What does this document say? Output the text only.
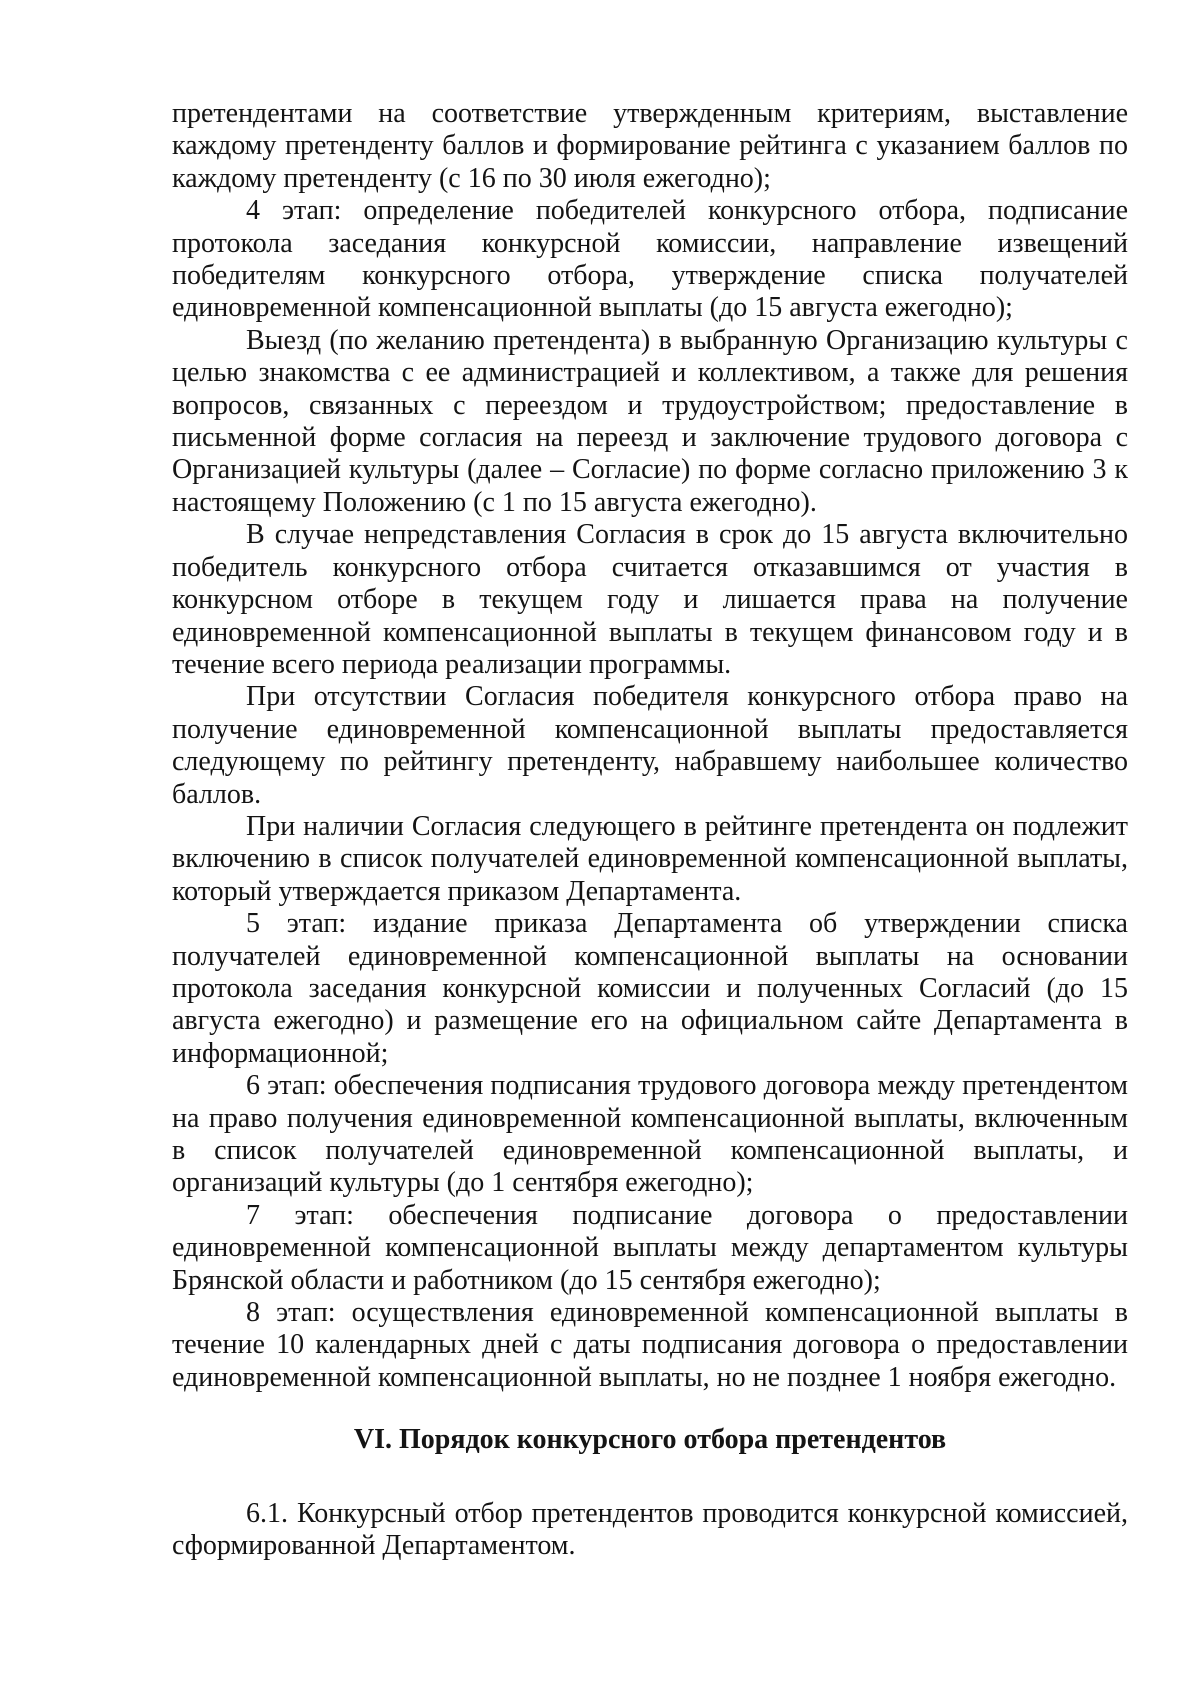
претендентами на соответствие утвержденным критериям, выставление каждому претенденту баллов и формирование рейтинга с указанием баллов по каждому претенденту (с 16 по 30 июля ежегодно);

4 этап: определение победителей конкурсного отбора, подписание протокола заседания конкурсной комиссии, направление извещений победителям конкурсного отбора, утверждение списка получателей единовременной компенсационной выплаты (до 15 августа ежегодно);

Выезд (по желанию претендента) в выбранную Организацию культуры с целью знакомства с ее администрацией и коллективом, а также для решения вопросов, связанных с переездом и трудоустройством; предоставление в письменной форме согласия на переезд и заключение трудового договора с Организацией культуры (далее – Согласие) по форме согласно приложению 3 к настоящему Положению (с 1 по 15 августа ежегодно).

В случае непредставления Согласия в срок до 15 августа включительно победитель конкурсного отбора считается отказавшимся от участия в конкурсном отборе в текущем году и лишается права на получение единовременной компенсационной выплаты в текущем финансовом году и в течение всего периода реализации программы.

При отсутствии Согласия победителя конкурсного отбора право на получение единовременной компенсационной выплаты предоставляется следующему по рейтингу претенденту, набравшему наибольшее количество баллов.

При наличии Согласия следующего в рейтинге претендента он подлежит включению в список получателей единовременной компенсационной выплаты, который утверждается приказом Департамента.

5 этап: издание приказа Департамента об утверждении списка получателей единовременной компенсационной выплаты на основании протокола заседания конкурсной комиссии и полученных Согласий (до 15 августа ежегодно) и размещение его на официальном сайте Департамента в информационной;

6 этап: обеспечения подписания трудового договора между претендентом на право получения единовременной компенсационной выплаты, включенным в список получателей единовременной компенсационной выплаты, и организаций культуры (до 1 сентября ежегодно);

7 этап: обеспечения подписание договора о предоставлении единовременной компенсационной выплаты между департаментом культуры Брянской области и работником (до 15 сентября ежегодно);

8 этап: осуществления единовременной компенсационной выплаты в течение 10 календарных дней с даты подписания договора о предоставлении единовременной компенсационной выплаты, но не позднее 1 ноября ежегодно.

VI. Порядок конкурсного отбора претендентов

6.1. Конкурсный отбор претендентов проводится конкурсной комиссией, сформированной Департаментом.
